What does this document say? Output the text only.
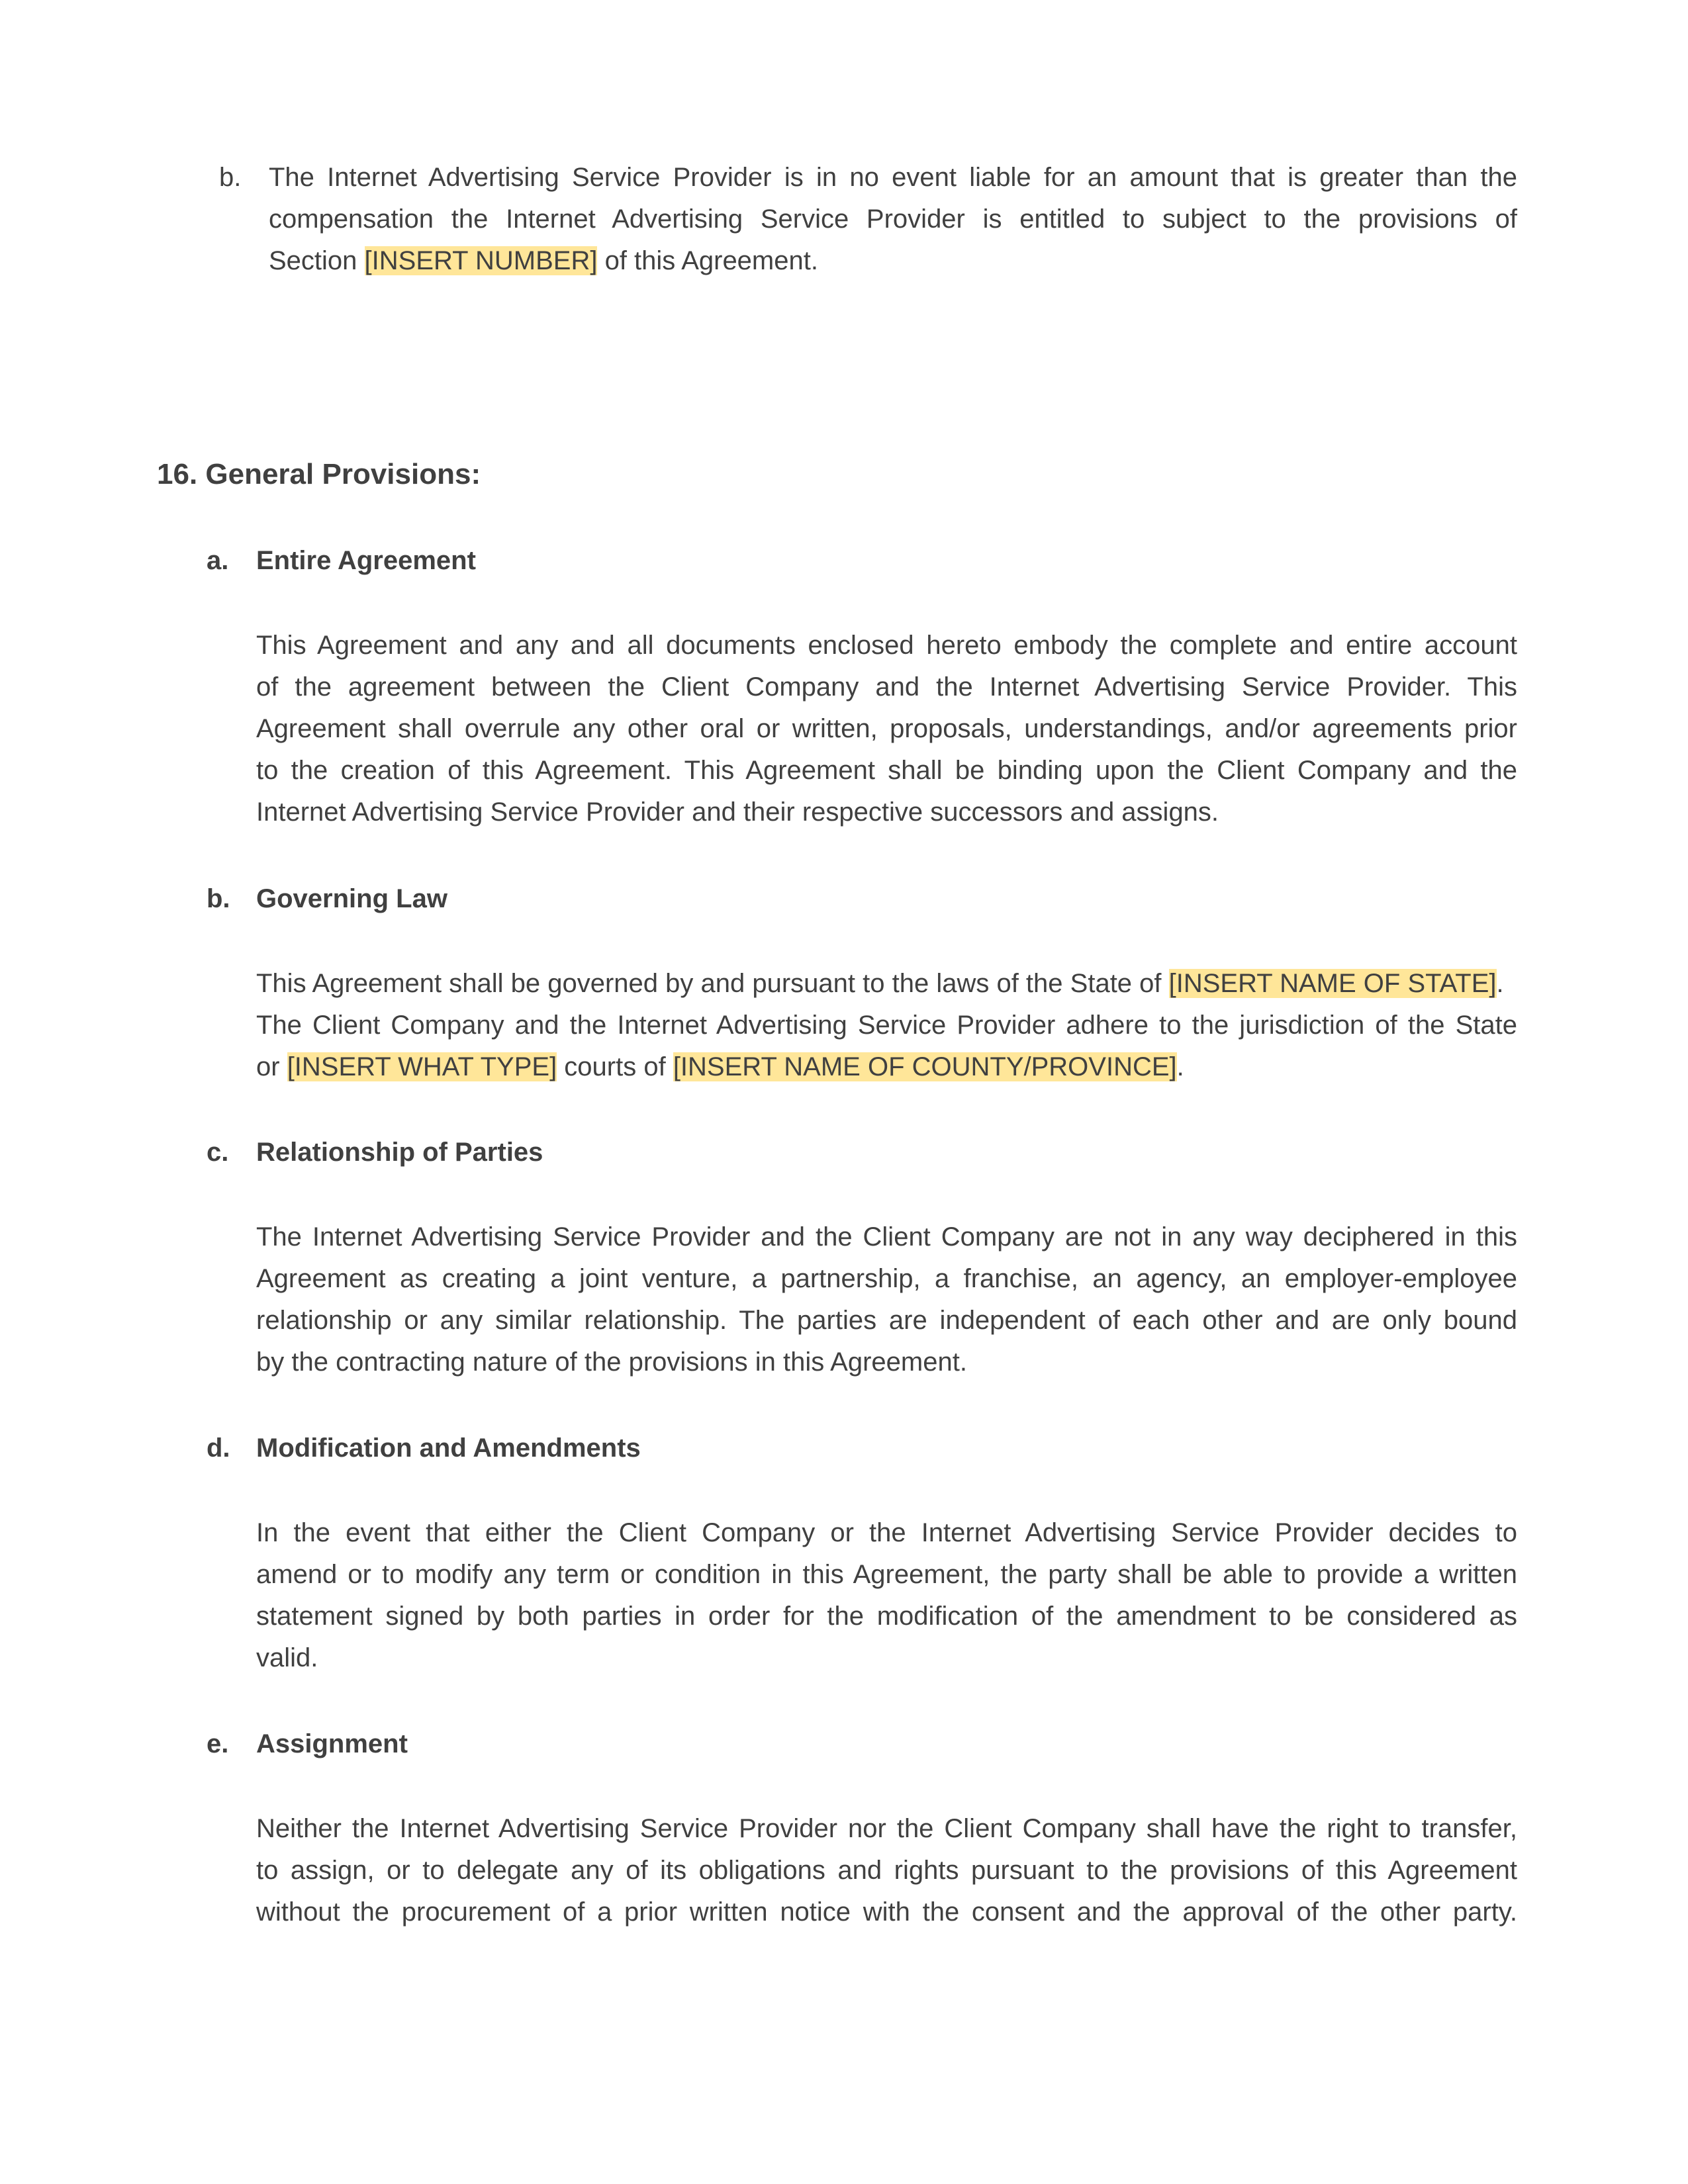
b. The Internet Advertising Service Provider is in no event liable for an amount that is greater than the
compensation the Internet Advertising Service Provider is entitled to subject to the provisions of
Section [INSERT NUMBER] of this Agreement.
16. General Provisions:
a. Entire Agreement
This Agreement and any and all documents enclosed hereto embody the complete and entire account
of the agreement between the Client Company and the Internet Advertising Service Provider. This
Agreement shall overrule any other oral or written, proposals, understandings, and/or agreements prior
to the creation of this Agreement. This Agreement shall be binding upon the Client Company and the
Internet Advertising Service Provider and their respective successors and assigns.
b. Governing Law
This Agreement shall be governed by and pursuant to the laws of the State of [INSERT NAME OF STATE].
The Client Company and the Internet Advertising Service Provider adhere to the jurisdiction of the State
or [INSERT WHAT TYPE] courts of [INSERT NAME OF COUNTY/PROVINCE].
c. Relationship of Parties
The Internet Advertising Service Provider and the Client Company are not in any way deciphered in this
Agreement as creating a joint venture, a partnership, a franchise, an agency, an employer-employee
relationship or any similar relationship. The parties are independent of each other and are only bound
by the contracting nature of the provisions in this Agreement.
d. Modification and Amendments
In the event that either the Client Company or the Internet Advertising Service Provider decides to
amend or to modify any term or condition in this Agreement, the party shall be able to provide a written
statement signed by both parties in order for the modification of the amendment to be considered as
valid.
e. Assignment
Neither the Internet Advertising Service Provider nor the Client Company shall have the right to transfer,
to assign, or to delegate any of its obligations and rights pursuant to the provisions of this Agreement
without the procurement of a prior written notice with the consent and the approval of the other party.
